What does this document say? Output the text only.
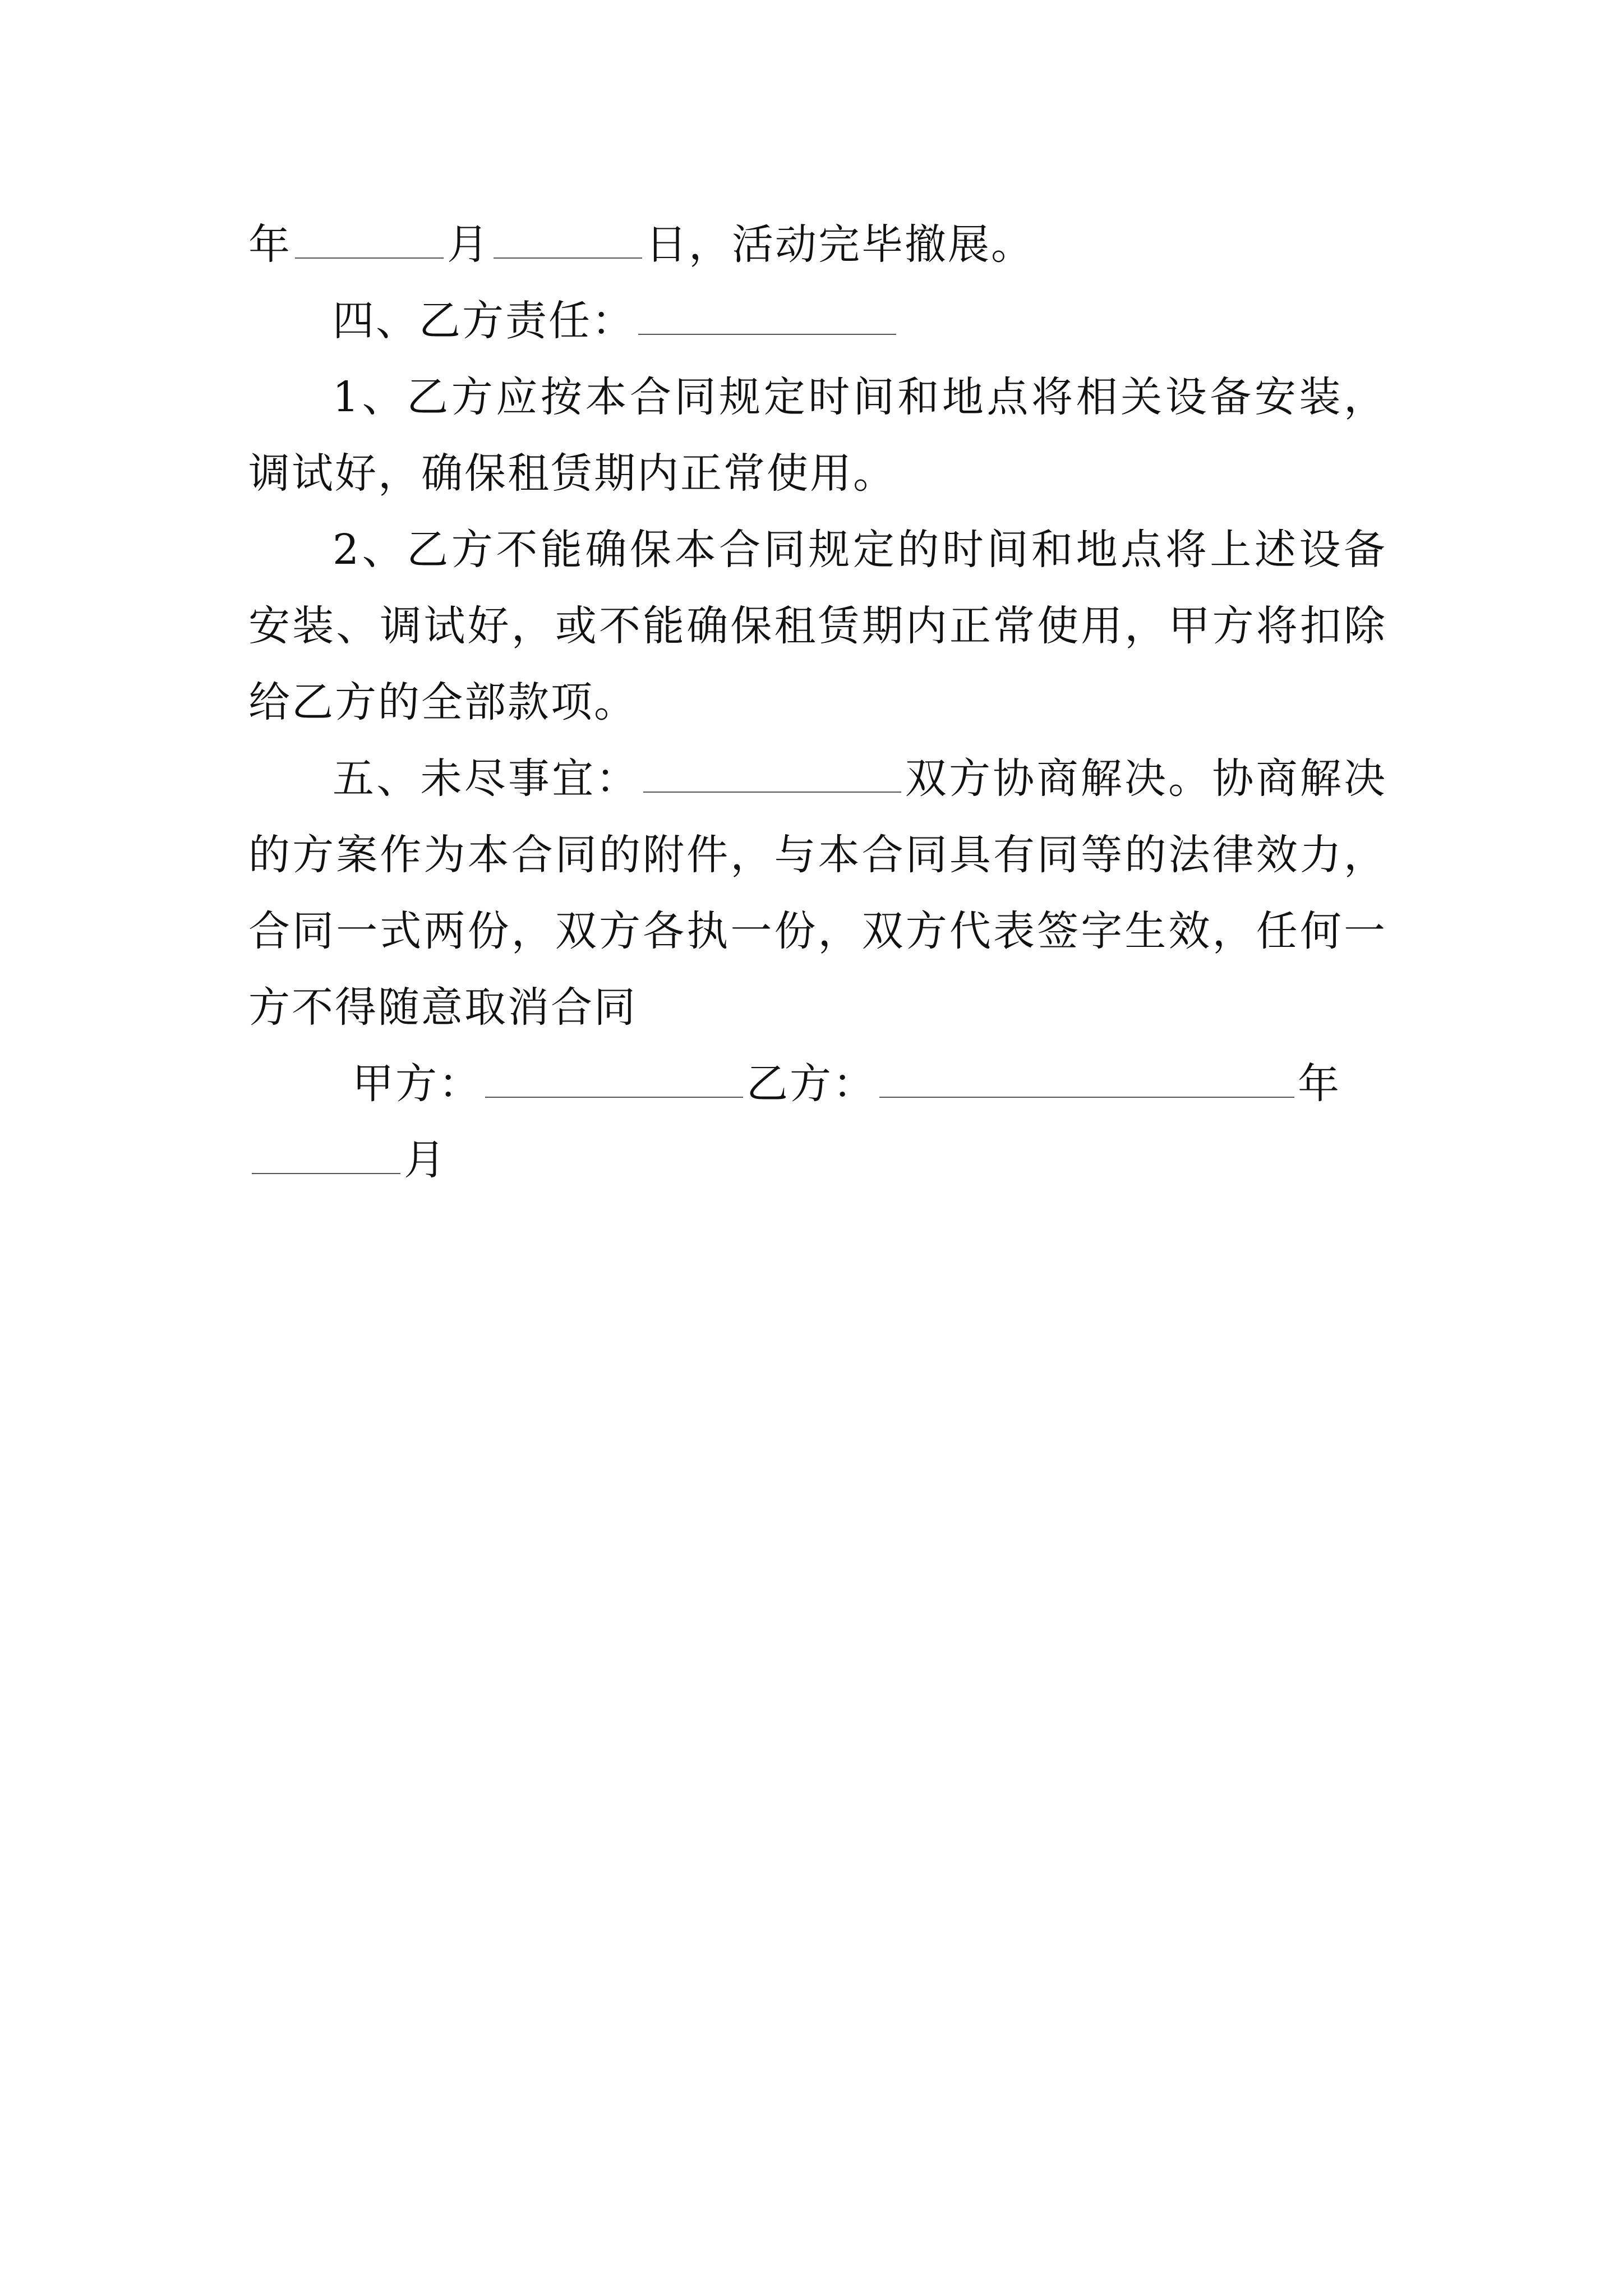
年	月	日，活动完毕撤展。

四、乙方责任：

1、乙方应按本合同规定时间和地点将相关设备安装，调试好，确保租赁期内正常使用。

2、乙方不能确保本合同规定的时间和地点将上述设备安装、调试好，或不能确保租赁期内正常使用，甲方将扣除给乙方的全部款项。

五、未尽事宜：	双方协商解决。协商解决的方案作为本合同的附件，与本合同具有同等的法律效力，合同一式两份，双方各执一份，双方代表签字生效，任何一方不得随意取消合同

甲方：	乙方：	年

月
